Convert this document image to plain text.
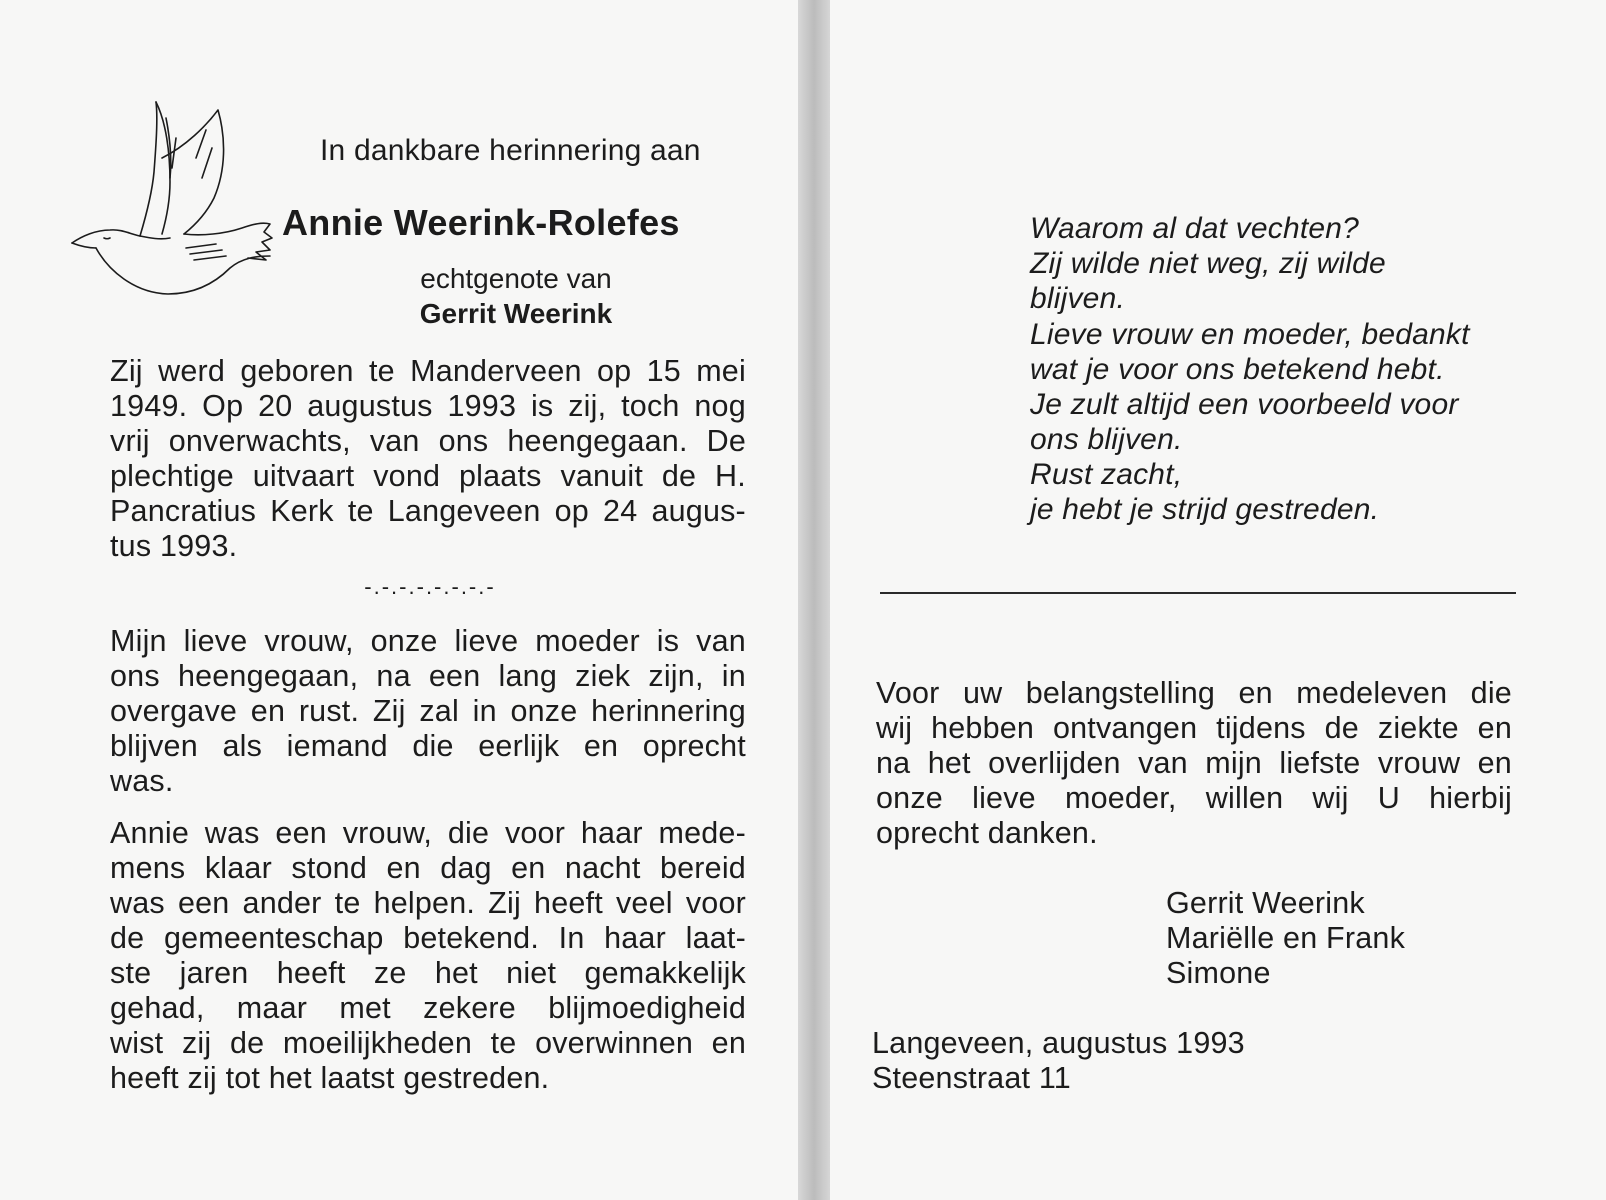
In dankbare herinnering aan

Annie Weerink-Rolefes

echtgenote van

Gerrit Weerink

Zij werd geboren te Manderveen op 15 mei

1949. Op 20 augustus 1993 is zij, toch nog

vrij onverwachts, van ons heengegaan. De

plechtige uitvaart vond plaats vanuit de H.

Pancratius Kerk te Langeveen op 24 augus-

tus 1993.

-.-.-.-.-.-.-.-

Mijn lieve vrouw, onze lieve moeder is van

ons heengegaan, na een lang ziek zijn, in

overgave en rust. Zij zal in onze herinnering

blijven als iemand die eerlijk en oprecht

was.

Annie was een vrouw, die voor haar mede-

mens klaar stond en dag en nacht bereid

was een ander te helpen. Zij heeft veel voor

de gemeenteschap betekend. In haar laat-

ste jaren heeft ze het niet gemakkelijk

gehad, maar met zekere blijmoedigheid

wist zij de moeilijkheden te overwinnen en

heeft zij tot het laatst gestreden.

Waarom al dat vechten?

Zij wilde niet weg, zij wilde

blijven.

Lieve vrouw en moeder, bedankt

wat je voor ons betekend hebt.

Je zult altijd een voorbeeld voor

ons blijven.

Rust zacht,

je hebt je strijd gestreden.

Voor uw belangstelling en medeleven die

wij hebben ontvangen tijdens de ziekte en

na het overlijden van mijn liefste vrouw en

onze lieve moeder, willen wij U hierbij

oprecht danken.

Gerrit Weerink

Mariëlle en Frank

Simone

Langeveen, augustus 1993

Steenstraat 11
